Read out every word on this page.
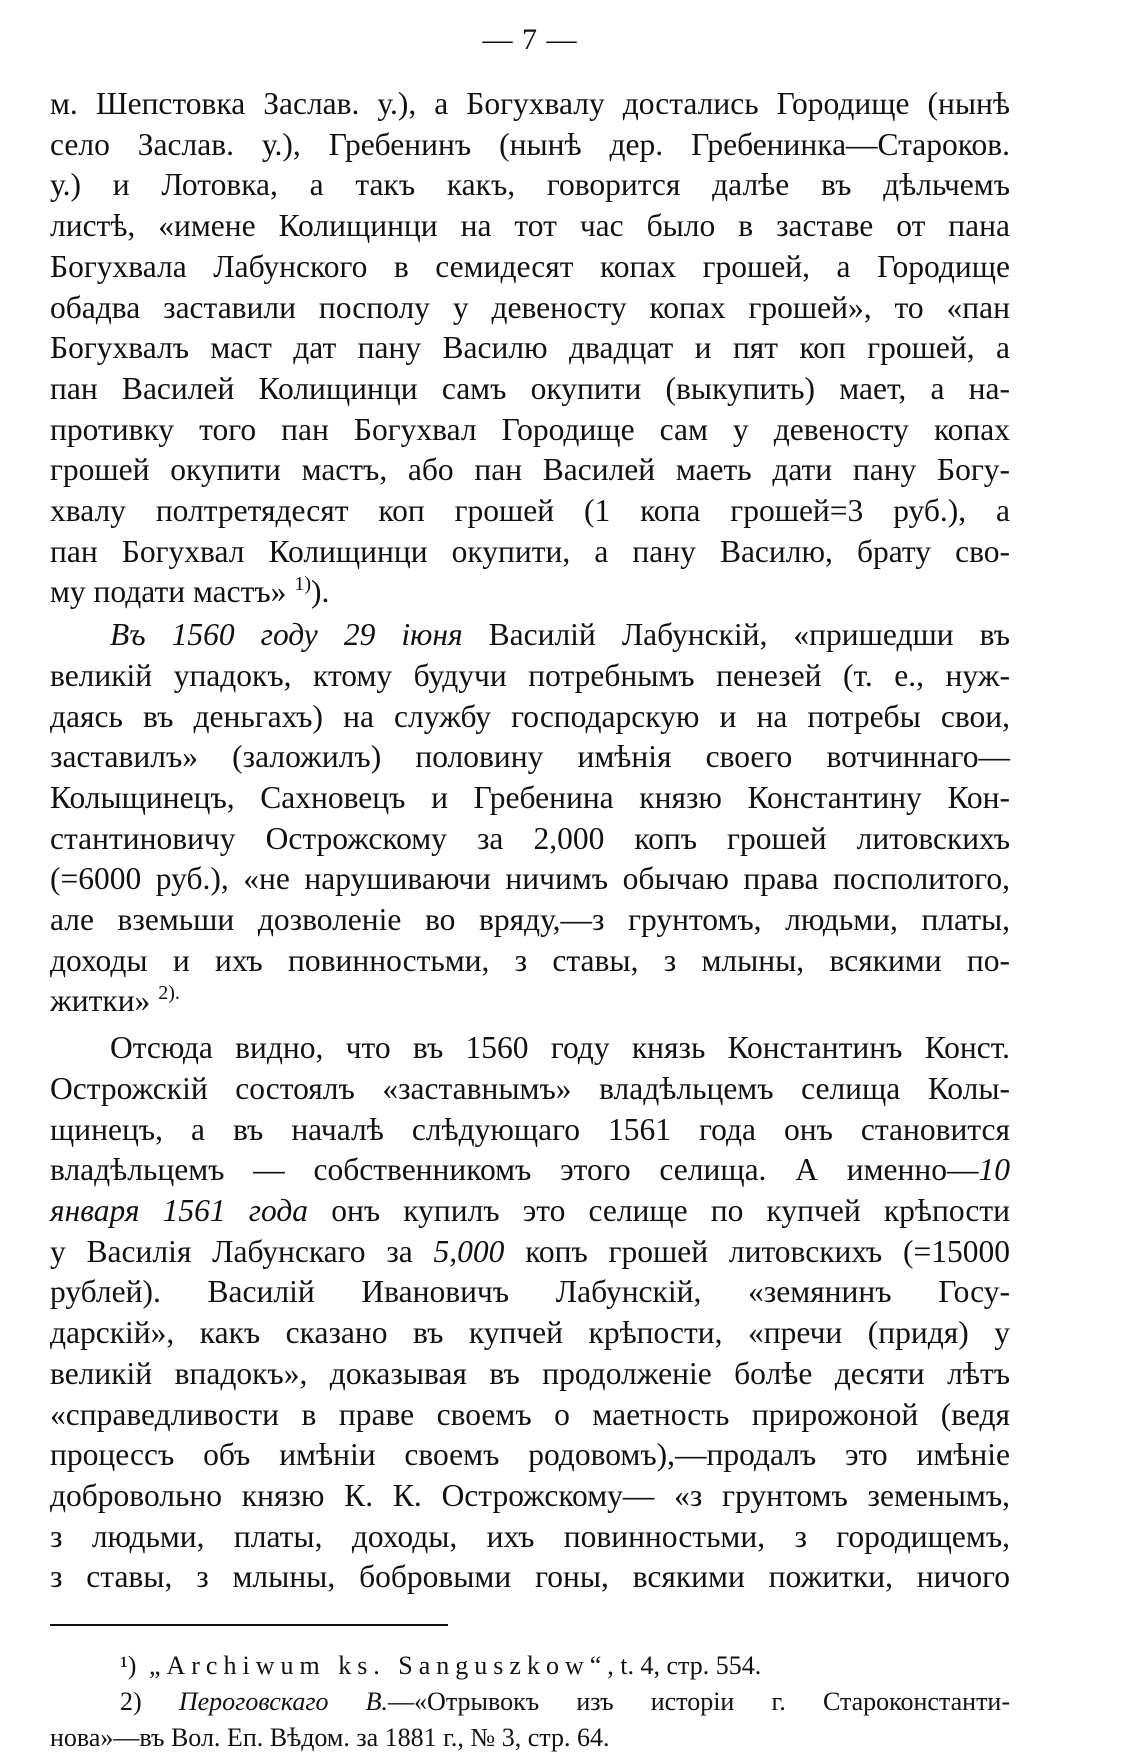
— 7 —
м. Шепстовка Заслав. у.), а Богухвалу достались Городище (нынѣ
село Заслав. у.), Гребенинъ (нынѣ дер. Гребенинка—Староков.
у.) и Лотовка, а такъ какъ, говорится далѣе въ дѣльчемъ
листѣ, «имене Колищинци на тот час было в заставе от пана
Богухвала Лабунского в семидесят копах грошей, а Городище
обадва заставили посполу у девеносту копах грошей», то «пан
Богухвалъ маст дат пану Василю двадцат и пят коп грошей, а
пан Василей Колищинци самъ окупити (выкупить) мает, а на-
противку того пан Богухвал Городище сам у девеносту копах
грошей окупити мастъ, або пан Василей маеть дати пану Богу-
хвалу полтретядесят коп грошей (1 копа грошей=3 руб.), а
пан Богухвал Колищинци окупити, а пану Василю, брату сво-
му подати мастъ» $^{1)}$).
Въ 1560 году 29 іюня Василій Лабунскій, «пришедши въ
великій упадокъ, ктому будучи потребнымъ пенезей (т. е., нуж-
даясь въ деньгахъ) на службу господарскую и на потребы свои,
заставилъ» (заложилъ) половину имѣнія своего вотчиннаго—
Колыщинецъ, Сахновецъ и Гребенина князю Константину Кон-
стантиновичу Острожскому за 2,000 копъ грошей литовскихъ
(=6000 руб.), «не нарушиваючи ничимъ обычаю права посполитого,
але вземьши дозволеніе во вряду,—з грунтомъ, людьми, платы,
доходы и ихъ повинностьми, з ставы, з млыны, всякими по-
житки» $^{2).}$
Отсюда видно, что въ 1560 году князь Константинъ Конст.
Острожскій состоялъ «заставнымъ» владѣльцемъ селища Колы-
щинецъ, а въ началѣ слѣдующаго 1561 года онъ становится
владѣльцемъ — собственникомъ этого селища. А именно—10
января 1561 года онъ купилъ это селище по купчей крѣпости
у Василія Лабунскаго за 5,000 копъ грошей литовскихъ (=15000
рублей). Василій Ивановичъ Лабунскій, «земянинъ Госу-
дарскій», какъ сказано въ купчей крѣпости, «пречи (придя) у
великій впадокъ», доказывая въ продолженіе болѣе десяти лѣтъ
«справедливости в праве своемъ о маетность прирожоной (ведя
процессъ объ имѣніи своемъ родовомъ),—продалъ это имѣніе
добровольно князю К. К. Острожскому— «з грунтомъ земенымъ,
з людьми, платы, доходы, ихъ повинностьми, з городищемъ,
з ставы, з млыны, бобровыми гоны, всякими пожитки, ничого
¹) „Archiwum ks. Sanguszkow“, t. 4, стр. 554.
2) Пероговскаго В.—«Отрывокъ изъ исторіи г. Староконстанти-
нова»—въ Вол. Еп. Вѣдом. за 1881 г., № 3, стр. 64.
